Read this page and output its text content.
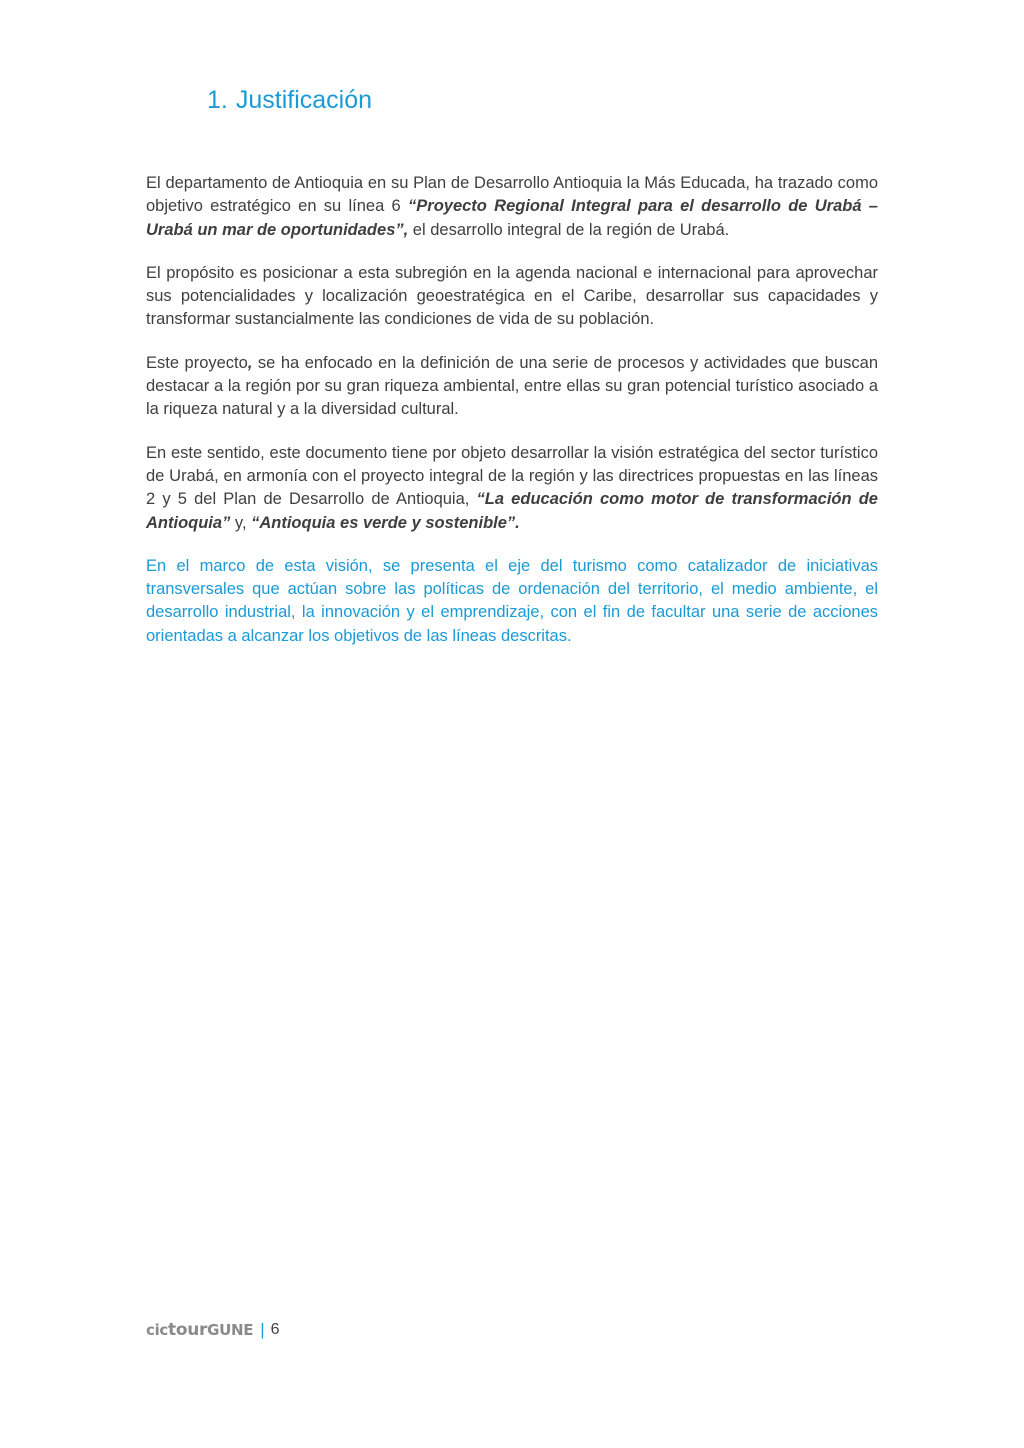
1. Justificación

El departamento de Antioquia en su Plan de Desarrollo Antioquia la Más Educada, ha trazado como objetivo estratégico en su línea 6 “Proyecto Regional Integral para el desarrollo de Urabá – Urabá un mar de oportunidades”, el desarrollo integral de la región de Urabá.

El propósito es posicionar a esta subregión en la agenda nacional e internacional para aprovechar sus potencialidades y localización geoestratégica en el Caribe, desarrollar sus capacidades y transformar sustancialmente las condiciones de vida de su población.

Este proyecto, se ha enfocado en la definición de una serie de procesos y actividades que buscan destacar a la región por su gran riqueza ambiental, entre ellas su gran potencial turístico asociado a la riqueza natural y a la diversidad cultural.

En este sentido, este documento tiene por objeto desarrollar la visión estratégica del sector turístico de Urabá, en armonía con el proyecto integral de la región y las directrices propuestas en las líneas 2 y 5 del Plan de Desarrollo de Antioquia, “La educación como motor de transformación de Antioquia” y, “Antioquia es verde y sostenible”.

En el marco de esta visión, se presenta el eje del turismo como catalizador de iniciativas transversales que actúan sobre las políticas de ordenación del territorio, el medio ambiente, el desarrollo industrial, la innovación y el emprendizaje, con el fin de facultar una serie de acciones orientadas a alcanzar los objetivos de las líneas descritas.

cictourGUNE | 6
